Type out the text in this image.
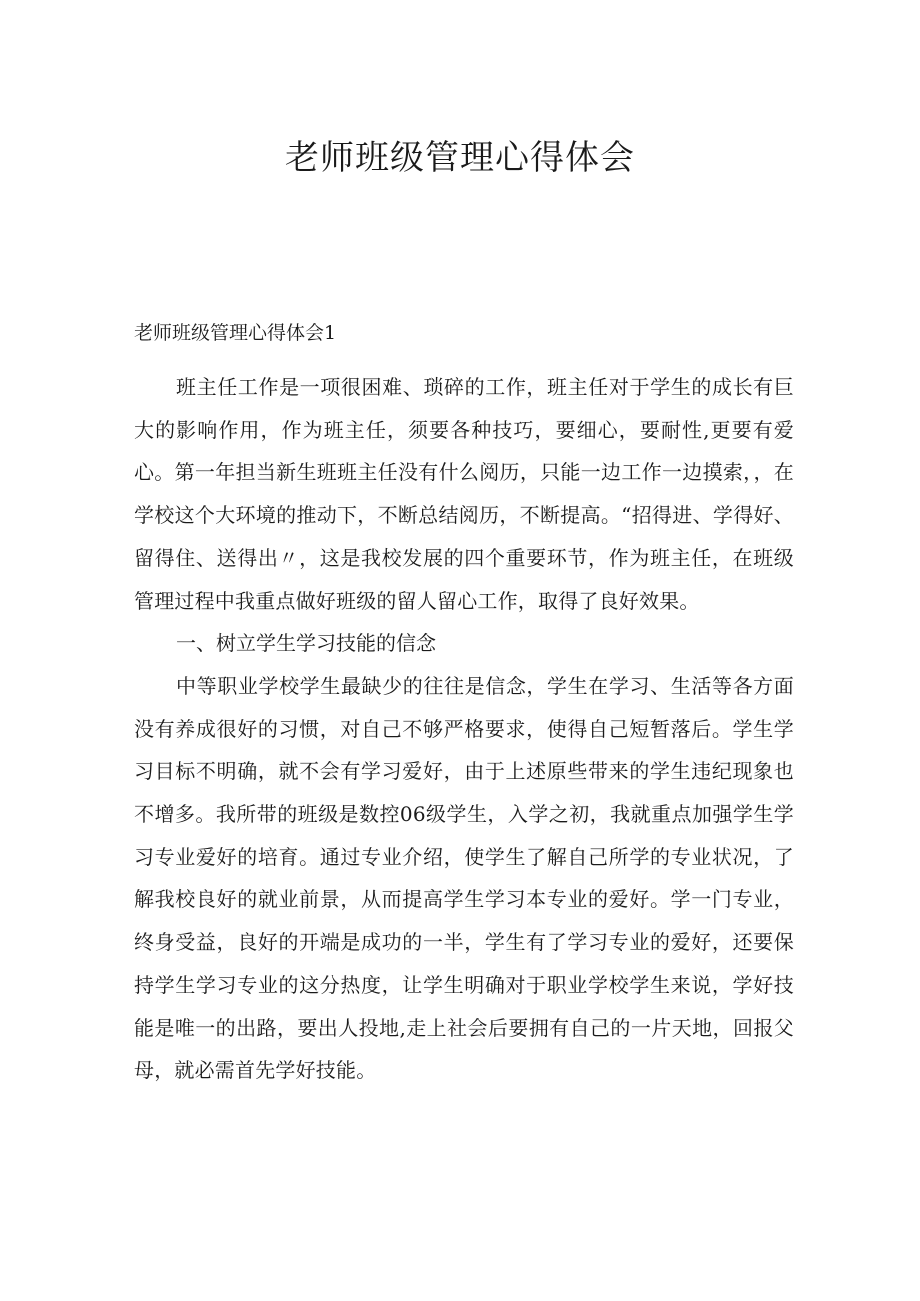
老师班级管理心得体会
老师班级管理心得体会1

班主任工作是一项很困难、琐碎的工作，班主任对于学生的成长有巨大的影响作用，作为班主任，须要各种技巧，要细心，要耐性,更要有爱心。第一年担当新生班班主任没有什么阅历，只能一边工作一边摸索，，在学校这个大环境的推动下，不断总结阅历，不断提高。“招得进、学得好、留得住、送得出〃，这是我校发展的四个重要环节，作为班主任，在班级管理过程中我重点做好班级的留人留心工作，取得了良好效果。

一、树立学生学习技能的信念

中等职业学校学生最缺少的往往是信念，学生在学习、生活等各方面没有养成很好的习惯，对自己不够严格要求，使得自己短暂落后。学生学习目标不明确，就不会有学习爱好，由于上述原些带来的学生违纪现象也不增多。我所带的班级是数控06级学生，入学之初，我就重点加强学生学习专业爱好的培育。通过专业介绍，使学生了解自己所学的专业状况，了解我校良好的就业前景，从而提高学生学习本专业的爱好。学一门专业，终身受益，良好的开端是成功的一半，学生有了学习专业的爱好，还要保持学生学习专业的这分热度，让学生明确对于职业学校学生来说，学好技能是唯一的出路，要出人投地,走上社会后要拥有自己的一片天地，回报父母，就必需首先学好技能。
